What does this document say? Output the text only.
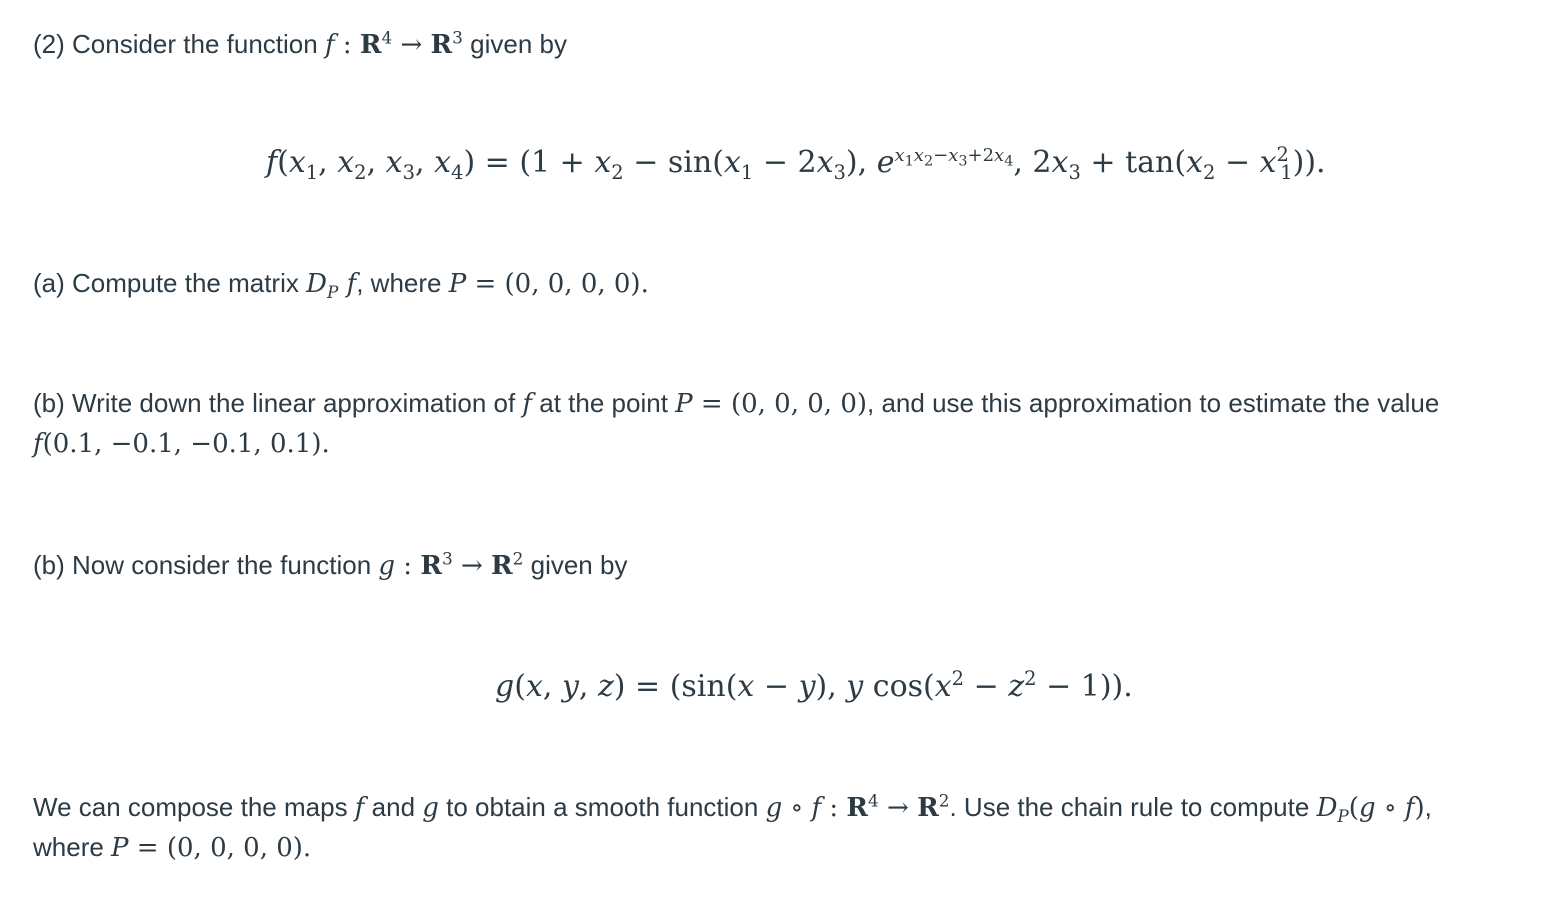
(2) Consider the function f : $R^4 \to R^3$ given by
$f(x_1$, $x_2$, $x_3$, $x_4) = (1 + x_2 - \sin(x_1 - 2x_3)$, $e^{x_1x_2-x_3+2x_4}$, $2x_3 + \tan(x_2 - x^2_1)$).
(a) Compute the matrix $D_P$ f, where P = (0, 0, 0, 0).
(b) Write down the linear approximation of f at the point P = (0, 0, 0, 0), and use this approximation to estimate the value
f(0.1, −0.1, −0.1, 0.1).
(b) Now consider the function g : $R^3 \to R^2$ given by
g(x, y, z) = (sin(x − y), y $\cos(x^2 - z^2 - 1)$).
We can compose the maps f and g to obtain a smooth function g ∘ f : $R^4 \to R^2$. Use the chain rule to compute $D_P(g$ ∘ f),
where P = (0, 0, 0, 0).
